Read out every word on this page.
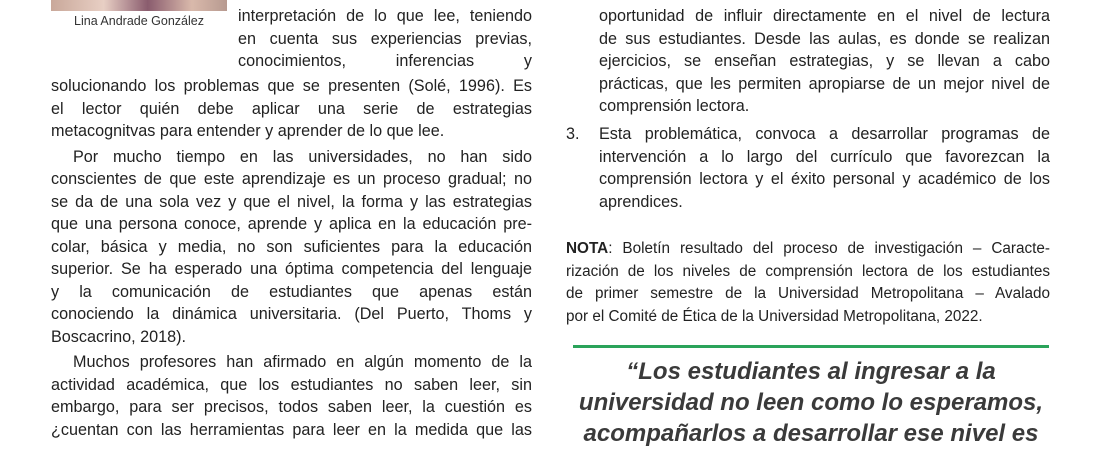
Lina Andrade González	interpretación de lo que lee, teniendo
en cuenta sus experiencias previas,
conocimientos, inferencias y
solucionando los problemas que se presenten (Solé, 1996). Es
el lector quién debe aplicar una serie de estrategias
metacognitvas para entender y aprender de lo que lee.
Por mucho tiempo en las universidades, no han sido
conscientes de que este aprendizaje es un proceso gradual; no
se da de una sola vez y que el nivel, la forma y las estrategias
que una persona conoce, aprende y aplica en la educación pre-
colar, básica y media, no son suficientes para la educación
superior. Se ha esperado una óptima competencia del lenguaje
y la comunicación de estudiantes que apenas están
conociendo la dinámica universitaria. (Del Puerto, Thoms y
Boscacrino, 2018).
Muchos profesores han afirmado en algún momento de la
actividad académica, que los estudiantes no saben leer, sin
embargo, para ser precisos, todos saben leer, la cuestión es
¿cuentan con las herramientas para leer en la medida que las
oportunidad de influir directamente en el nivel de lectura
de sus estudiantes. Desde las aulas, es donde se realizan
ejercicios, se enseñan estrategias, y se llevan a cabo
prácticas, que les permiten apropiarse de un mejor nivel de
comprensión lectora.
3. Esta problemática, convoca a desarrollar programas de
intervención a lo largo del currículo que favorezcan la
comprensión lectora y el éxito personal y académico de los
aprendices.
NOTA: Boletín resultado del proceso de investigación – Caracte-
rización de los niveles de comprensión lectora de los estudiantes
de primer semestre de la Universidad Metropolitana – Avalado
por el Comité de Ética de la Universidad Metropolitana, 2022.
“Los estudiantes al ingresar a la
universidad no leen como lo esperamos,
acompañarlos a desarrollar ese nivel es
